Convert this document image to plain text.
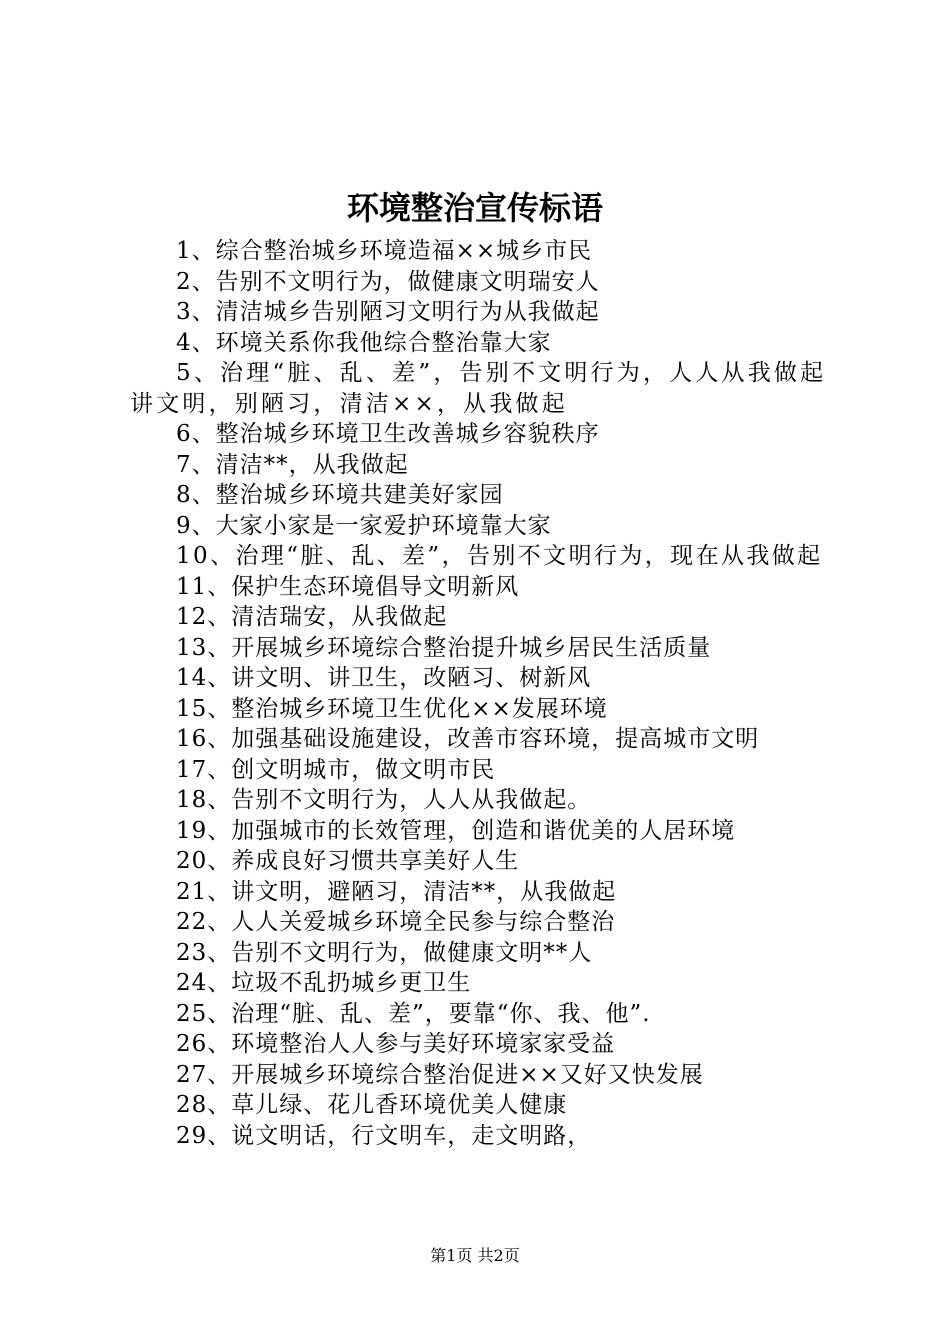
环境整治宣传标语
1、综合整治城乡环境造福××城乡市民
2、告别不文明行为，做健康文明瑞安人
3、清洁城乡告别陋习文明行为从我做起
4、环境关系你我他综合整治靠大家
5、治理“脏、乱、差”，告别不文明行为，人人从我做起讲文明，别陋习，清洁××，从我做起
6、整治城乡环境卫生改善城乡容貌秩序
7、清洁**，从我做起
8、整治城乡环境共建美好家园
9、大家小家是一家爱护环境靠大家
10、治理“脏、乱、差”，告别不文明行为，现在从我做起
11、保护生态环境倡导文明新风
12、清洁瑞安，从我做起
13、开展城乡环境综合整治提升城乡居民生活质量
14、讲文明、讲卫生，改陋习、树新风
15、整治城乡环境卫生优化××发展环境
16、加强基础设施建设，改善市容环境，提高城市文明
17、创文明城市，做文明市民
18、告别不文明行为，人人从我做起。
19、加强城市的长效管理，创造和谐优美的人居环境
20、养成良好习惯共享美好人生
21、讲文明，避陋习，清洁**，从我做起
22、人人关爱城乡环境全民参与综合整治
23、告别不文明行为，做健康文明**人
24、垃圾不乱扔城乡更卫生
25、治理“脏、乱、差”，要靠“你、我、他”.
26、环境整治人人参与美好环境家家受益
27、开展城乡环境综合整治促进××又好又快发展
28、草儿绿、花儿香环境优美人健康
29、说文明话，行文明车，走文明路，
第1页 共2页
